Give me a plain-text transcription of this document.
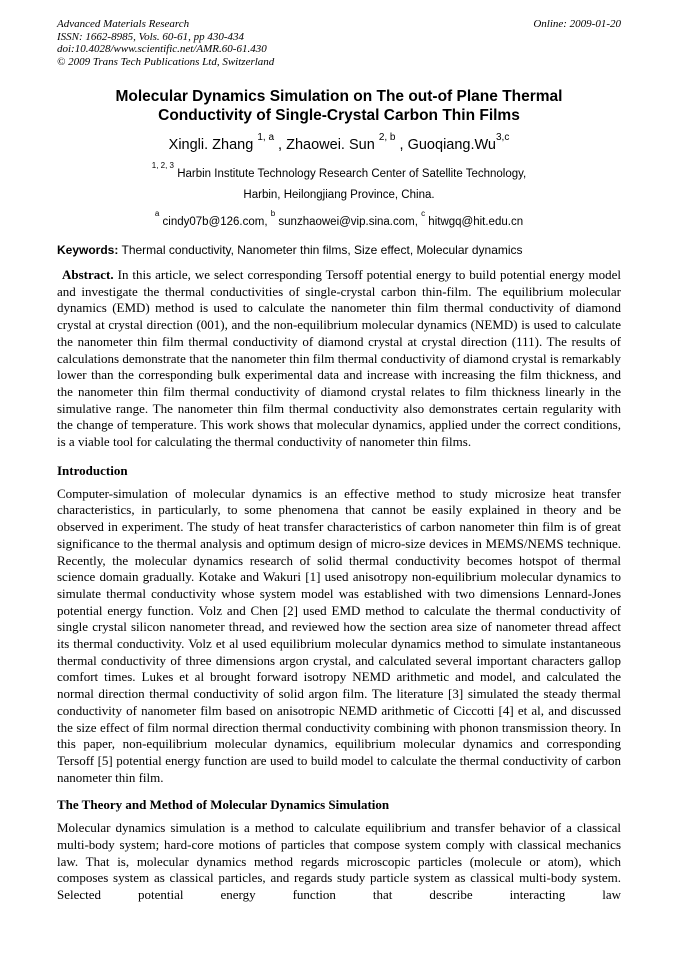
Advanced Materials Research
ISSN: 1662-8985, Vols. 60-61, pp 430-434
doi:10.4028/www.scientific.net/AMR.60-61.430
© 2009 Trans Tech Publications Ltd, Switzerland
Online: 2009-01-20
Molecular Dynamics Simulation on The out-of Plane Thermal Conductivity of Single-Crystal Carbon Thin Films
Xingli. Zhang $^{1, a}$ , Zhaowei. Sun $^{2, b}$ , Guoqiang.Wu$^{3,c}$
$^{1, 2, 3}$ Harbin Institute Technology Research Center of Satellite Technology,
Harbin, Heilongjiang Province, China.
$^a$ cindy07b@126.com, $^b$ sunzhaowei@vip.sina.com, $^c$ hitwgq@hit.edu.cn
Keywords: Thermal conductivity, Nanometer thin films, Size effect, Molecular dynamics

Abstract. In this article, we select corresponding Tersoff potential energy to build potential energy model and investigate the thermal conductivities of single-crystal carbon thin-film. The equilibrium molecular dynamics (EMD) method is used to calculate the nanometer thin film thermal conductivity of diamond crystal at crystal direction (001), and the non-equilibrium molecular dynamics (NEMD) is used to calculate the nanometer thin film thermal conductivity of diamond crystal at crystal direction (111). The results of calculations demonstrate that the nanometer thin film thermal conductivity of diamond crystal is remarkably lower than the corresponding bulk experimental data and increase with increasing the film thickness, and the nanometer thin film thermal conductivity of diamond crystal relates to film thickness linearly in the simulative range. The nanometer thin film thermal conductivity also demonstrates certain regularity with the change of temperature. This work shows that molecular dynamics, applied under the correct conditions, is a viable tool for calculating the thermal conductivity of nanometer thin films.

Introduction

Computer-simulation of molecular dynamics is an effective method to study microsize heat transfer characteristics, in particularly, to some phenomena that cannot be easily explained in theory and be observed in experiment. The study of heat transfer characteristics of carbon nanometer thin film is of great significance to the thermal analysis and optimum design of micro-size devices in MEMS/NEMS technique. Recently, the molecular dynamics research of solid thermal conductivity becomes hotspot of thermal science domain gradually. Kotake and Wakuri [1] used anisotropy non-equilibrium molecular dynamics to simulate thermal conductivity whose system model was established with two dimensions Lennard-Jones potential energy function. Volz and Chen [2] used EMD method to calculate the thermal conductivity of single crystal silicon nanometer thread, and reviewed how the section area size of nanometer thread affect its thermal conductivity. Volz et al used equilibrium molecular dynamics method to simulate instantaneous thermal conductivity of three dimensions argon crystal, and calculated several important characters gallop comfort times. Lukes et al brought forward isotropy NEMD arithmetic and model, and calculated the normal direction thermal conductivity of solid argon film. The literature [3] simulated the steady thermal conductivity of nanometer film based on anisotropic NEMD arithmetic of Ciccotti [4] et al, and discussed the size effect of film normal direction thermal conductivity combining with phonon transmission theory. In this paper, non-equilibrium molecular dynamics, equilibrium molecular dynamics and corresponding Tersoff [5] potential energy function are used to build model to calculate the thermal conductivity of carbon nanometer thin film.

The Theory and Method of Molecular Dynamics Simulation

Molecular dynamics simulation is a method to calculate equilibrium and transfer behavior of a classical multi-body system; hard-core motions of particles that compose system comply with classical mechanics law. That is, molecular dynamics method regards microscopic particles (molecule or atom), which composes system as classical particles, and regards study particle system as classical multi-body system. Selected potential energy function that describe interacting law
